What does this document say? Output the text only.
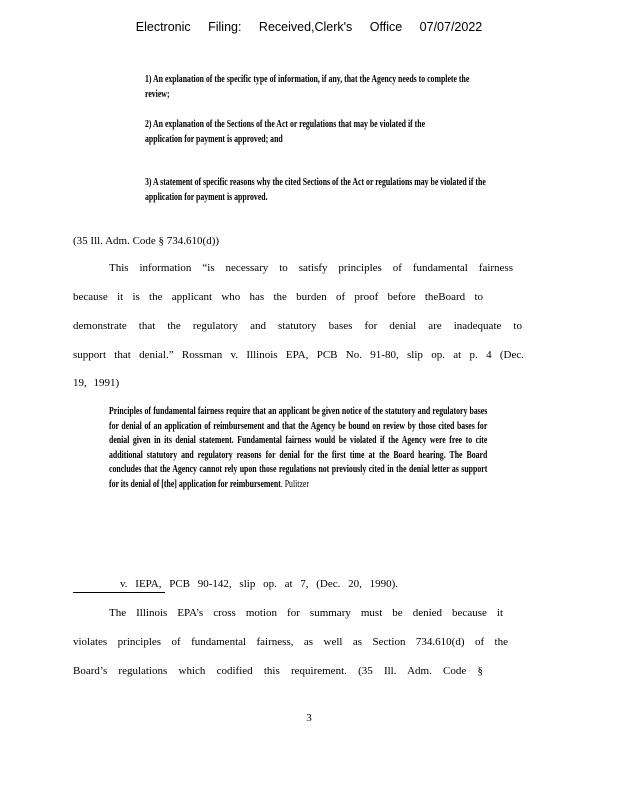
Electronic Filing: Received,Clerk's Office 07/07/2022
1) An explanation of the specific type of information, if any, that the Agency needs to complete the review;
2) An explanation of the Sections of the Act or regulations that may be violated if the application for payment is approved; and
3) A statement of specific reasons why the cited Sections of the Act or regulations may be violated if the application for payment is approved.
(35 Ill. Adm. Code § 734.610(d))
This information “is necessary to satisfy principles of fundamental fairness
because it is the applicant who has the burden of proof before theBoard to
demonstrate that the regulatory and statutory bases for denial are inadequate to
support that denial.” Rossman v. Illinois EPA, PCB No. 91-80, slip op. at p. 4 (Dec.
19, 1991)
Principles of fundamental fairness require that an applicant be given notice of the statutory and regulatory bases for denial of an application of reimbursement and that the Agency be bound on review by those cited bases for denial given in its denial statement. Fundamental fairness would be violated if the Agency were free to cite additional statutory and regulatory reasons for denial for the first time at the Board hearing. The Board concludes that the Agency cannot rely upon those regulations not previously cited in the denial letter as support for its denial of [the] application for reimbursement. Pulitzer
v. IEPA, PCB 90-142, slip op. at 7, (Dec. 20, 1990).
The Illinois EPA’s cross motion for summary must be denied because it
violates principles of fundamental fairness, as well as Section 734.610(d) of the
Board’s regulations which codified this requirement. (35 Ill. Adm. Code §
3
